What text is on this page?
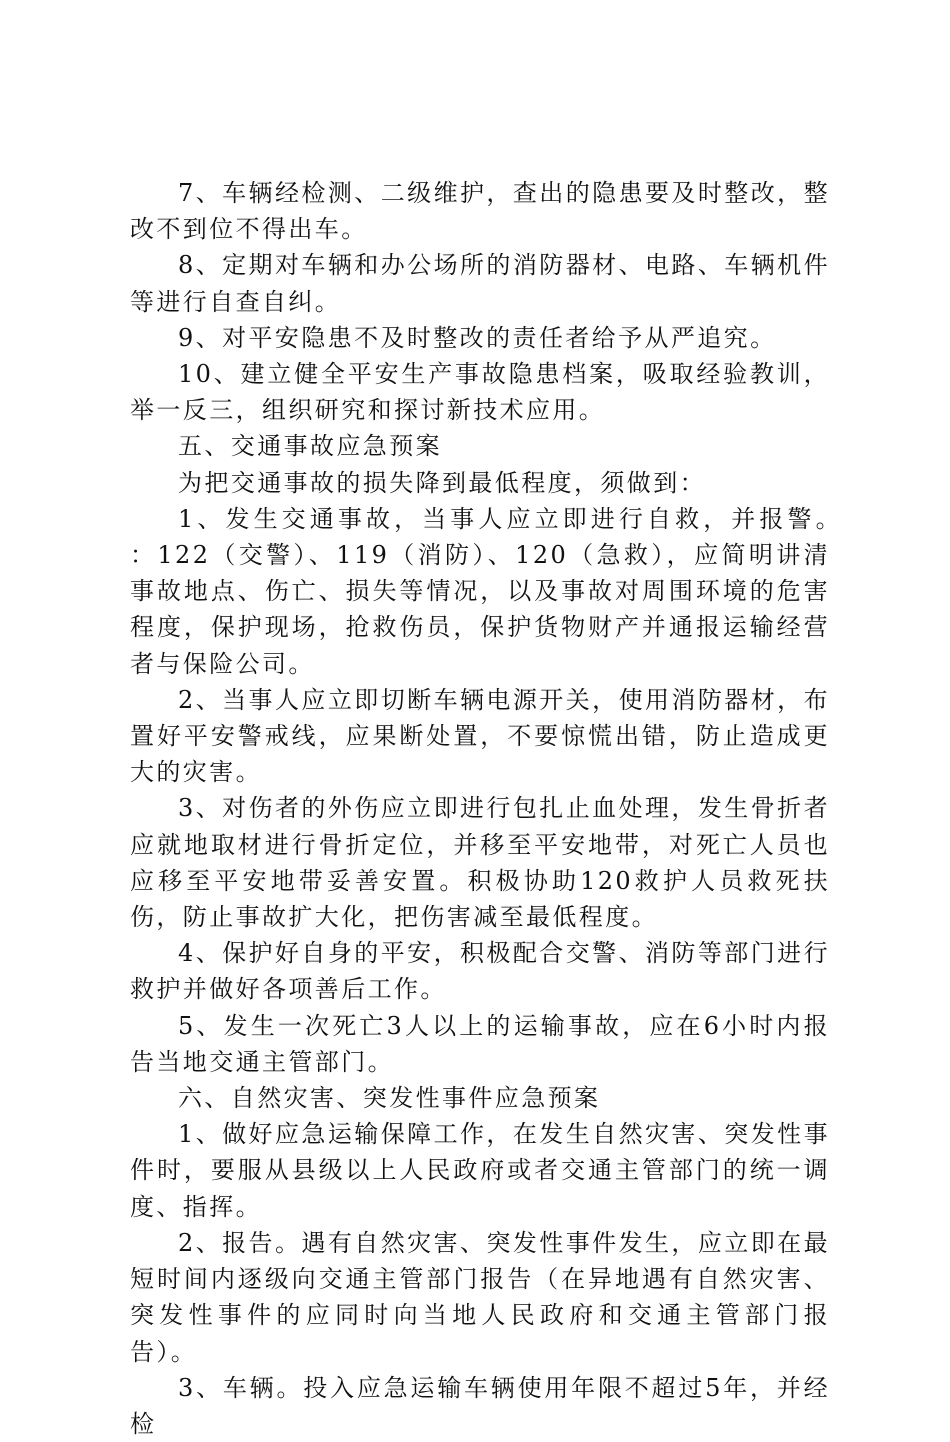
7、车辆经检测、二级维护，查出的隐患要及时整改，整改不到位不得出车。

8、定期对车辆和办公场所的消防器材、电路、车辆机件等进行自查自纠。

9、对平安隐患不及时整改的责任者给予从严追究。

10、建立健全平安生产事故隐患档案，吸取经验教训，举一反三，组织研究和探讨新技术应用。

五、交通事故应急预案

为把交通事故的损失降到最低程度，须做到：

1、发生交通事故，当事人应立即进行自救，并报警。　　：122（交警）、119（消防）、120（急救），应简明讲清事故地点、伤亡、损失等情况，以及事故对周围环境的危害程度，保护现场，抢救伤员，保护货物财产并通报运输经营者与保险公司。

2、当事人应立即切断车辆电源开关，使用消防器材，布置好平安警戒线，应果断处置，不要惊慌出错，防止造成更大的灾害。

3、对伤者的外伤应立即进行包扎止血处理，发生骨折者应就地取材进行骨折定位，并移至平安地带，对死亡人员也应移至平安地带妥善安置。积极协助120救护人员救死扶伤，防止事故扩大化，把伤害减至最低程度。

4、保护好自身的平安，积极配合交警、消防等部门进行救护并做好各项善后工作。

5、发生一次死亡3人以上的运输事故，应在6小时内报告当地交通主管部门。

六、自然灾害、突发性事件应急预案

1、做好应急运输保障工作，在发生自然灾害、突发性事件时，要服从县级以上人民政府或者交通主管部门的统一调度、指挥。

2、报告。遇有自然灾害、突发性事件发生，应立即在最短时间内逐级向交通主管部门报告（在异地遇有自然灾害、突发性事件的应同时向当地人民政府和交通主管部门报告）。

3、车辆。投入应急运输车辆使用年限不超过5年，并经检
